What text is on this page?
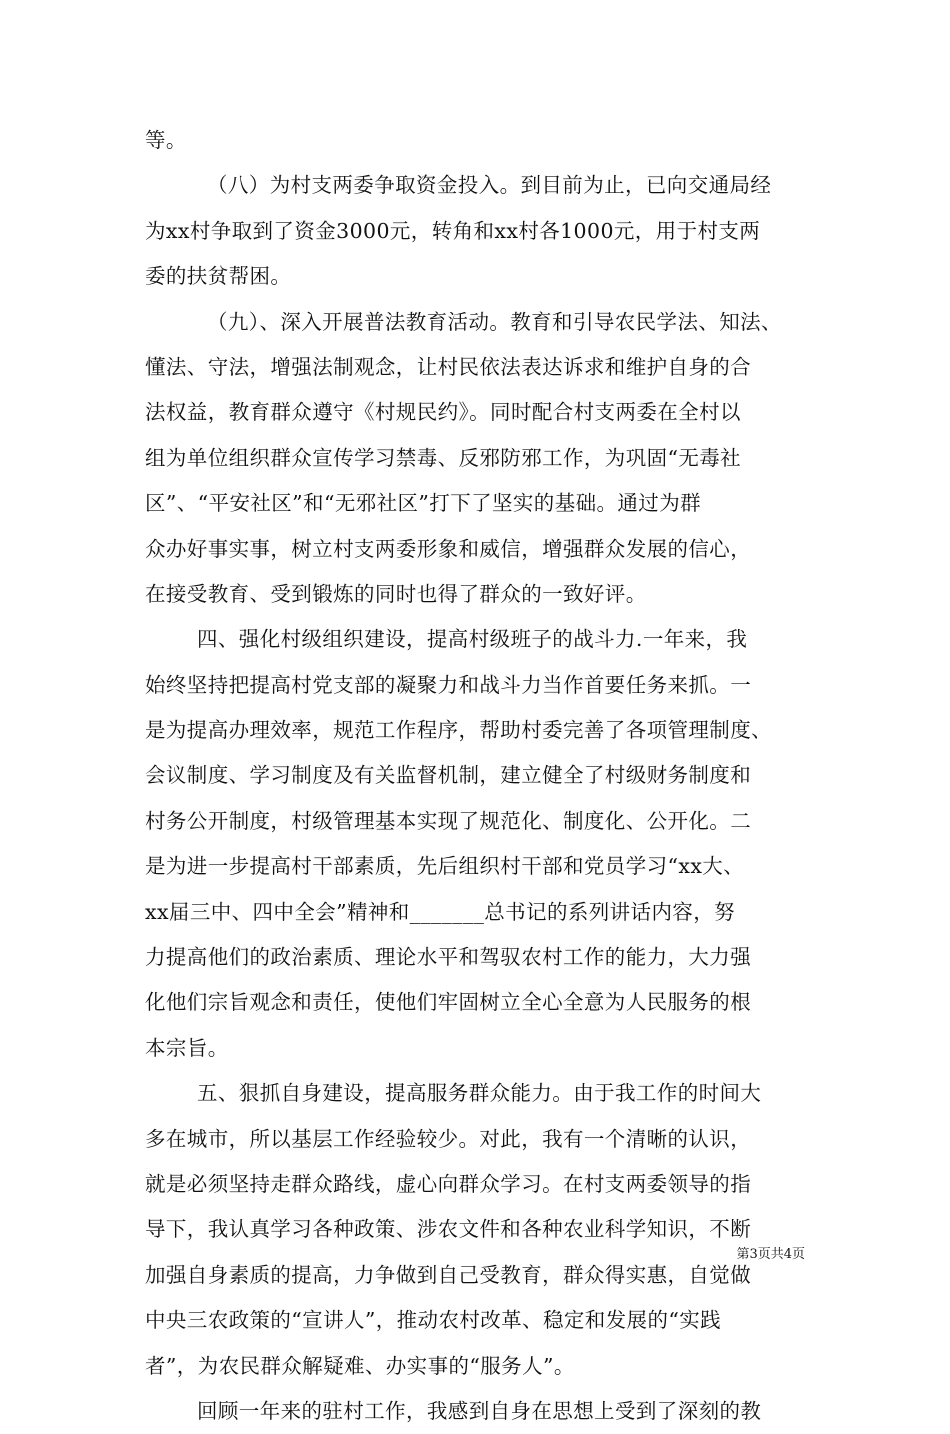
等。
（八）为村支两委争取资金投入。到目前为止，已向交通局经
为xx村争取到了资金3000元，转角和xx村各1000元，用于村支两
委的扶贫帮困。
（九）、深入开展普法教育活动。教育和引导农民学法、知法、
懂法、守法，增强法制观念，让村民依法表达诉求和维护自身的合
法权益，教育群众遵守《村规民约》。同时配合村支两委在全村以
组为单位组织群众宣传学习禁毒、反邪防邪工作，为巩固“无毒社
区”、“平安社区”和“无邪社区”打下了坚实的基础。通过为群
众办好事实事，树立村支两委形象和威信，增强群众发展的信心，
在接受教育、受到锻炼的同时也得了群众的一致好评。
四、强化村级组织建设，提高村级班子的战斗力.一年来，我
始终坚持把提高村党支部的凝聚力和战斗力当作首要任务来抓。一
是为提高办理效率，规范工作程序，帮助村委完善了各项管理制度、
会议制度、学习制度及有关监督机制，建立健全了村级财务制度和
村务公开制度，村级管理基本实现了规范化、制度化、公开化。二
是为进一步提高村干部素质，先后组织村干部和党员学习“xx大、
xx届三中、四中全会”精神和_______总书记的系列讲话内容，努
力提高他们的政治素质、理论水平和驾驭农村工作的能力，大力强
化他们宗旨观念和责任，使他们牢固树立全心全意为人民服务的根
本宗旨。
五、狠抓自身建设，提高服务群众能力。由于我工作的时间大
多在城市，所以基层工作经验较少。对此，我有一个清晰的认识，
就是必须坚持走群众路线，虚心向群众学习。在村支两委领导的指
导下，我认真学习各种政策、涉农文件和各种农业科学知识，不断
加强自身素质的提高，力争做到自己受教育，群众得实惠，自觉做
中央三农政策的“宣讲人”，推动农村改革、稳定和发展的“实践
者”，为农民群众解疑难、办实事的“服务人”。
回顾一年来的驻村工作，我感到自身在思想上受到了深刻的教
第3页共4页
